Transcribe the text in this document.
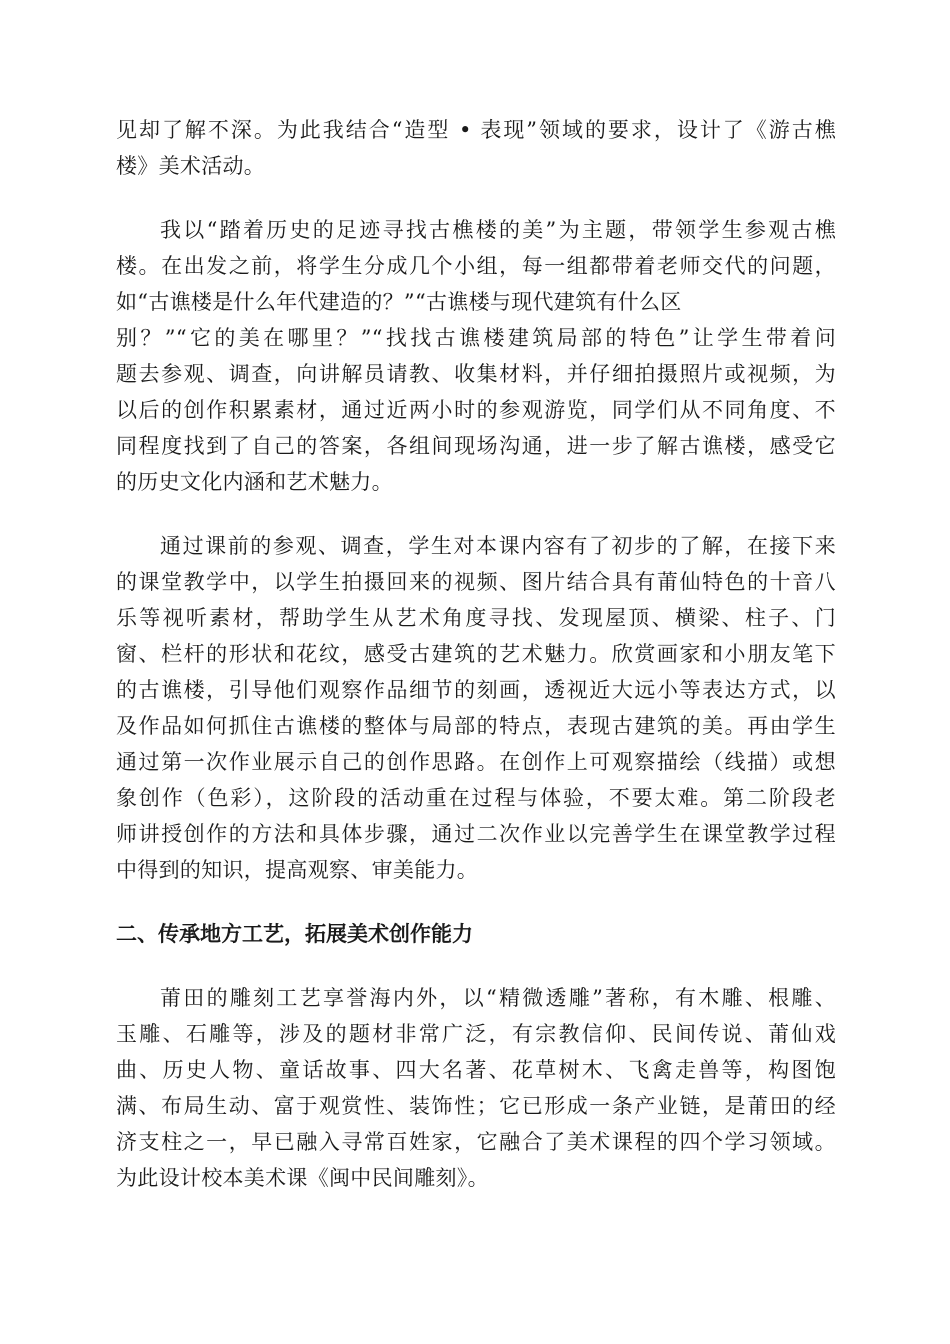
见却了解不深。为此我结合“造型 • 表现”领域的要求，设计了《游古樵
楼》美术活动。
我以“踏着历史的足迹寻找古樵楼的美”为主题，带领学生参观古樵
楼。在出发之前，将学生分成几个小组，每一组都带着老师交代的问题，
如“古谯楼是什么年代建造的？”“古谯楼与现代建筑有什么区
别？”“它的美在哪里？”“找找古谯楼建筑局部的特色”让学生带着问
题去参观、调查，向讲解员请教、收集材料，并仔细拍摄照片或视频，为
以后的创作积累素材，通过近两小时的参观游览，同学们从不同角度、不
同程度找到了自己的答案，各组间现场沟通，进一步了解古谯楼，感受它
的历史文化内涵和艺术魅力。
通过课前的参观、调查，学生对本课内容有了初步的了解，在接下来
的课堂教学中，以学生拍摄回来的视频、图片结合具有莆仙特色的十音八
乐等视听素材，帮助学生从艺术角度寻找、发现屋顶、横梁、柱子、门
窗、栏杆的形状和花纹，感受古建筑的艺术魅力。欣赏画家和小朋友笔下
的古谯楼，引导他们观察作品细节的刻画，透视近大远小等表达方式，以
及作品如何抓住古谯楼的整体与局部的特点，表现古建筑的美。再由学生
通过第一次作业展示自己的创作思路。在创作上可观察描绘（线描）或想
象创作（色彩），这阶段的活动重在过程与体验，不要太难。第二阶段老
师讲授创作的方法和具体步骤，通过二次作业以完善学生在课堂教学过程
中得到的知识，提高观察、审美能力。
二、传承地方工艺，拓展美术创作能力
莆田的雕刻工艺享誉海内外，以“精微透雕”著称，有木雕、根雕、
玉雕、石雕等，涉及的题材非常广泛，有宗教信仰、民间传说、莆仙戏
曲、历史人物、童话故事、四大名著、花草树木、飞禽走兽等，构图饱
满、布局生动、富于观赏性、装饰性；它已形成一条产业链，是莆田的经
济支柱之一，早已融入寻常百姓家，它融合了美术课程的四个学习领域。
为此设计校本美术课《闽中民间雕刻》。
